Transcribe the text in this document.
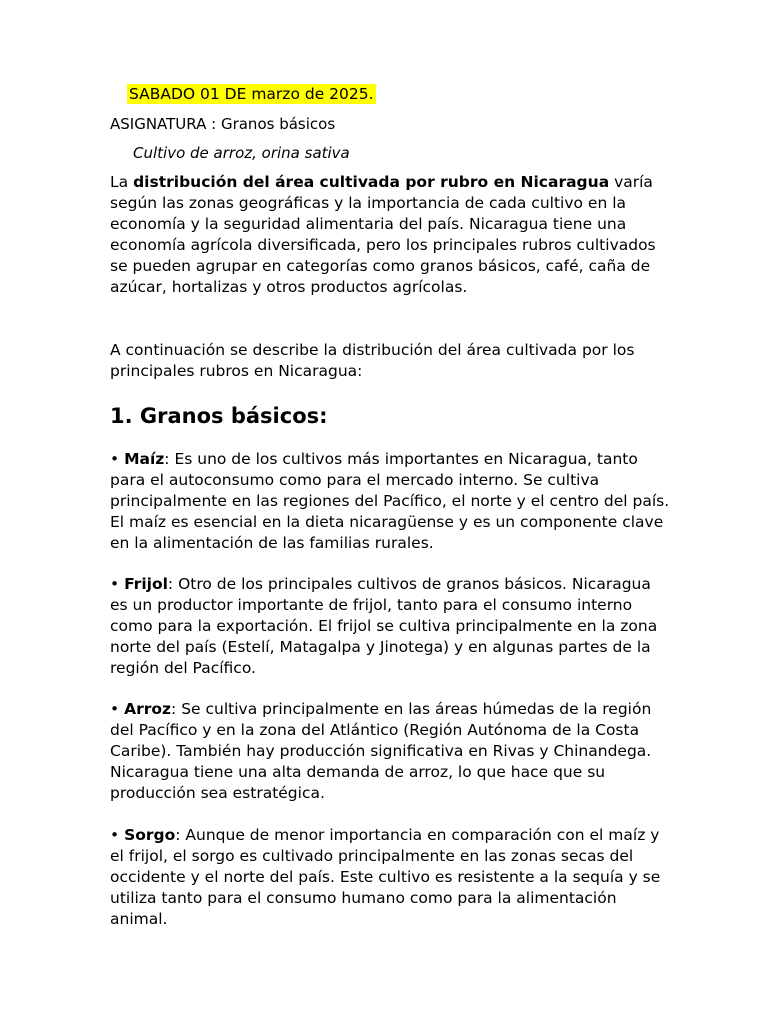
SABADO 01 DE marzo de 2025.
ASIGNATURA : Granos básicos
Cultivo de arroz, orina sativa

La distribución del área cultivada por rubro en Nicaragua varía según las zonas geográficas y la importancia de cada cultivo en la economía y la seguridad alimentaria del país. Nicaragua tiene una economía agrícola diversificada, pero los principales rubros cultivados se pueden agrupar en categorías como granos básicos, café, caña de azúcar, hortalizas y otros productos agrícolas.

A continuación se describe la distribución del área cultivada por los principales rubros en Nicaragua:

1. Granos básicos:

• Maíz: Es uno de los cultivos más importantes en Nicaragua, tanto para el autoconsumo como para el mercado interno. Se cultiva principalmente en las regiones del Pacífico, el norte y el centro del país. El maíz es esencial en la dieta nicaragüense y es un componente clave en la alimentación de las familias rurales.

• Frijol: Otro de los principales cultivos de granos básicos. Nicaragua es un productor importante de frijol, tanto para el consumo interno como para la exportación. El frijol se cultiva principalmente en la zona norte del país (Estelí, Matagalpa y Jinotega) y en algunas partes de la región del Pacífico.

• Arroz: Se cultiva principalmente en las áreas húmedas de la región del Pacífico y en la zona del Atlántico (Región Autónoma de la Costa Caribe). También hay producción significativa en Rivas y Chinandega. Nicaragua tiene una alta demanda de arroz, lo que hace que su producción sea estratégica.

• Sorgo: Aunque de menor importancia en comparación con el maíz y el frijol, el sorgo es cultivado principalmente en las zonas secas del occidente y el norte del país. Este cultivo es resistente a la sequía y se utiliza tanto para el consumo humano como para la alimentación animal.
